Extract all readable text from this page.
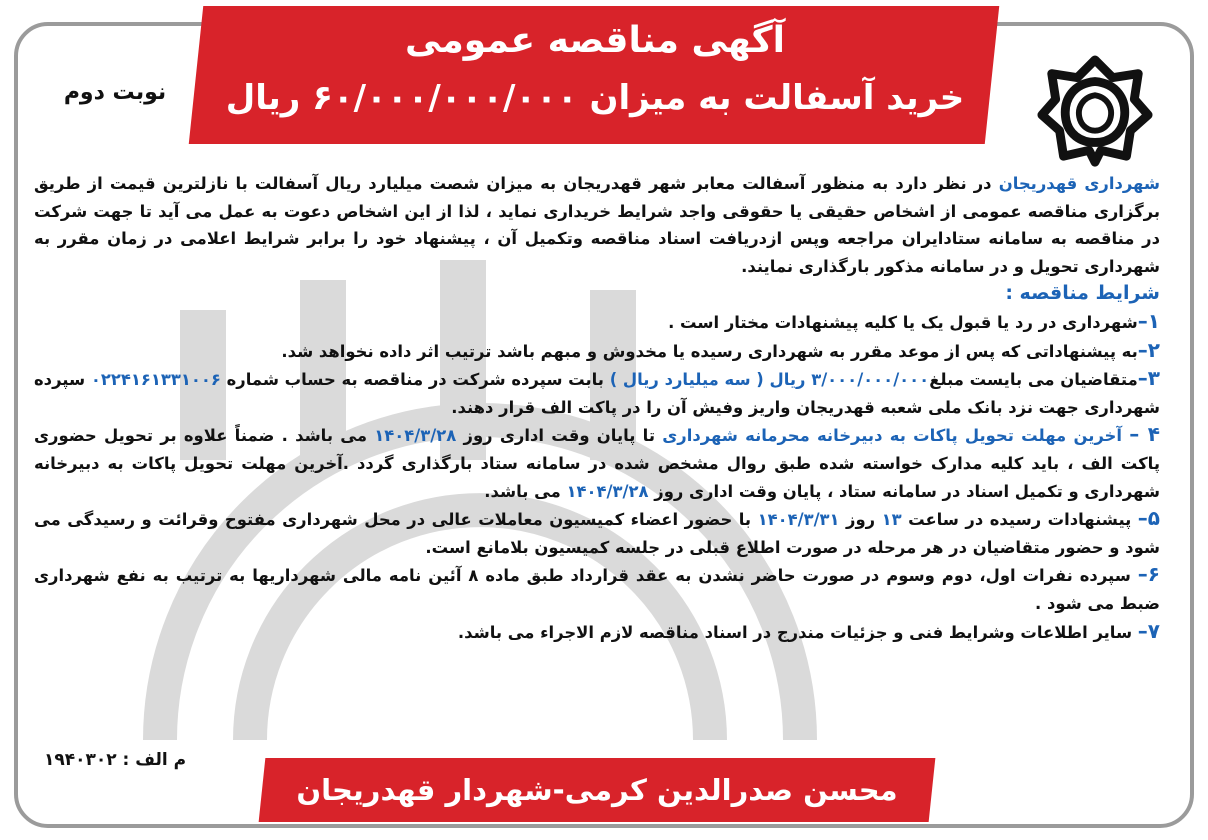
آگهی مناقصه عمومی
خرید آسفالت به میزان ۶۰/۰۰۰/۰۰۰/۰۰۰ ریال
نوبت دوم

شهرداری قهدریجان در نظر دارد به منظور آسفالت معابر شهر قهدریجان به میزان شصت میلیارد ریال آسفالت با نازلترین قیمت از طریق برگزاری مناقصه عمومی از اشخاص حقیقی یا حقوقی واجد شرایط خریداری نماید ، لذا از این اشخاص دعوت به عمل می آید تا جهت شرکت در مناقصه به سامانه ستادایران مراجعه وپس ازدریافت اسناد مناقصه وتکمیل آن ، پیشنهاد خود را برابر شرایط اعلامی در زمان مقرر به شهرداری تحویل و در سامانه مذکور بارگذاری نمایند.

شرایط مناقصه :

۱–شهرداری در رد یا قبول یک یا کلیه پیشنهادات مختار است .

۲–به پیشنهاداتی که پس از موعد مقرر به شهرداری رسیده یا مخدوش و مبهم باشد ترتیب اثر داده نخواهد شد.

۳–متقاضیان می بایست مبلغ۳/۰۰۰/۰۰۰/۰۰۰ ریال ( سه میلیارد ریال ) بابت سپرده شرکت در مناقصه به حساب شماره ۰۲۲۴۱۶۱۳۳۱۰۰۶ سپرده شهرداری جهت نزد بانک ملی شعبه قهدریجان واریز وفیش آن را در پاکت الف قرار دهند.

۴ – آخرین مهلت تحویل پاکات به دبیرخانه محرمانه شهرداری تا پایان وقت اداری روز ۱۴۰۴/۳/۲۸ می باشد . ضمناً علاوه بر تحویل حضوری پاکت الف ، باید کلیه مدارک خواسته شده طبق روال مشخص شده در سامانه ستاد بارگذاری گردد .آخرین مهلت تحویل پاکات به دبیرخانه شهرداری و تکمیل اسناد در سامانه ستاد ، پایان وقت اداری روز ۱۴۰۴/۳/۲۸ می باشد.

۵– پیشنهادات رسیده در ساعت ۱۳ روز ۱۴۰۴/۳/۳۱ با حضور اعضاء کمیسیون معاملات عالی در محل شهرداری مفتوح وقرائت و رسیدگی می شود و حضور متقاضیان در هر مرحله در صورت اطلاع قبلی در جلسه کمیسیون بلامانع است.

۶– سپرده نفرات اول، دوم وسوم در صورت حاضر نشدن به عقد قرارداد طبق ماده ۸ آئین نامه مالی شهرداریها به ترتیب به نفع شهرداری ضبط می شود .

۷– سایر اطلاعات وشرایط فنی و جزئیات مندرج در اسناد مناقصه لازم الاجراء می باشد.

م الف : ۱۹۴۰۳۰۲
محسن صدرالدین کرمی-شهردار قهدریجان
